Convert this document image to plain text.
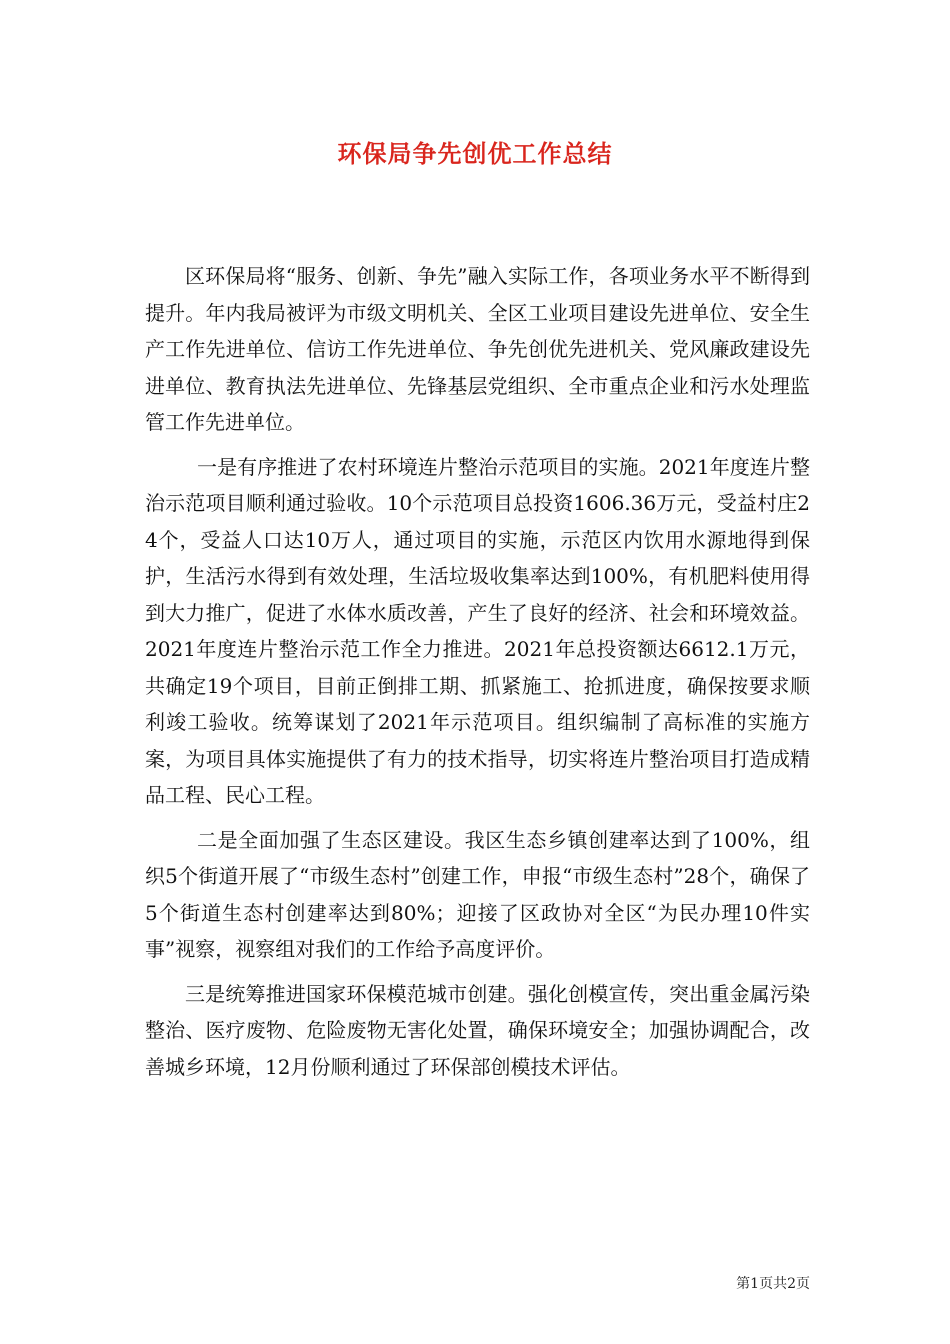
环保局争先创优工作总结

区环保局将“服务、创新、争先”融入实际工作，各项业务水平不断得到提升。年内我局被评为市级文明机关、全区工业项目建设先进单位、安全生产工作先进单位、信访工作先进单位、争先创优先进机关、党风廉政建设先进单位、教育执法先进单位、先锋基层党组织、全市重点企业和污水处理监管工作先进单位。

一是有序推进了农村环境连片整治示范项目的实施。2021年度连片整治示范项目顺利通过验收。10个示范项目总投资1606.36万元，受益村庄24个，受益人口达10万人，通过项目的实施，示范区内饮用水源地得到保护，生活污水得到有效处理，生活垃圾收集率达到100%，有机肥料使用得到大力推广，促进了水体水质改善，产生了良好的经济、社会和环境效益。2021年度连片整治示范工作全力推进。2021年总投资额达6612.1万元，共确定19个项目，目前正倒排工期、抓紧施工、抢抓进度，确保按要求顺利竣工验收。统筹谋划了2021年示范项目。组织编制了高标准的实施方案，为项目具体实施提供了有力的技术指导，切实将连片整治项目打造成精品工程、民心工程。

二是全面加强了生态区建设。我区生态乡镇创建率达到了100%，组织5个街道开展了“市级生态村”创建工作，申报“市级生态村”28个，确保了5个街道生态村创建率达到80%；迎接了区政协对全区“为民办理10件实事”视察，视察组对我们的工作给予高度评价。

三是统筹推进国家环保模范城市创建。强化创模宣传，突出重金属污染整治、医疗废物、危险废物无害化处置，确保环境安全；加强协调配合，改善城乡环境，12月份顺利通过了环保部创模技术评估。

第1页共2页
